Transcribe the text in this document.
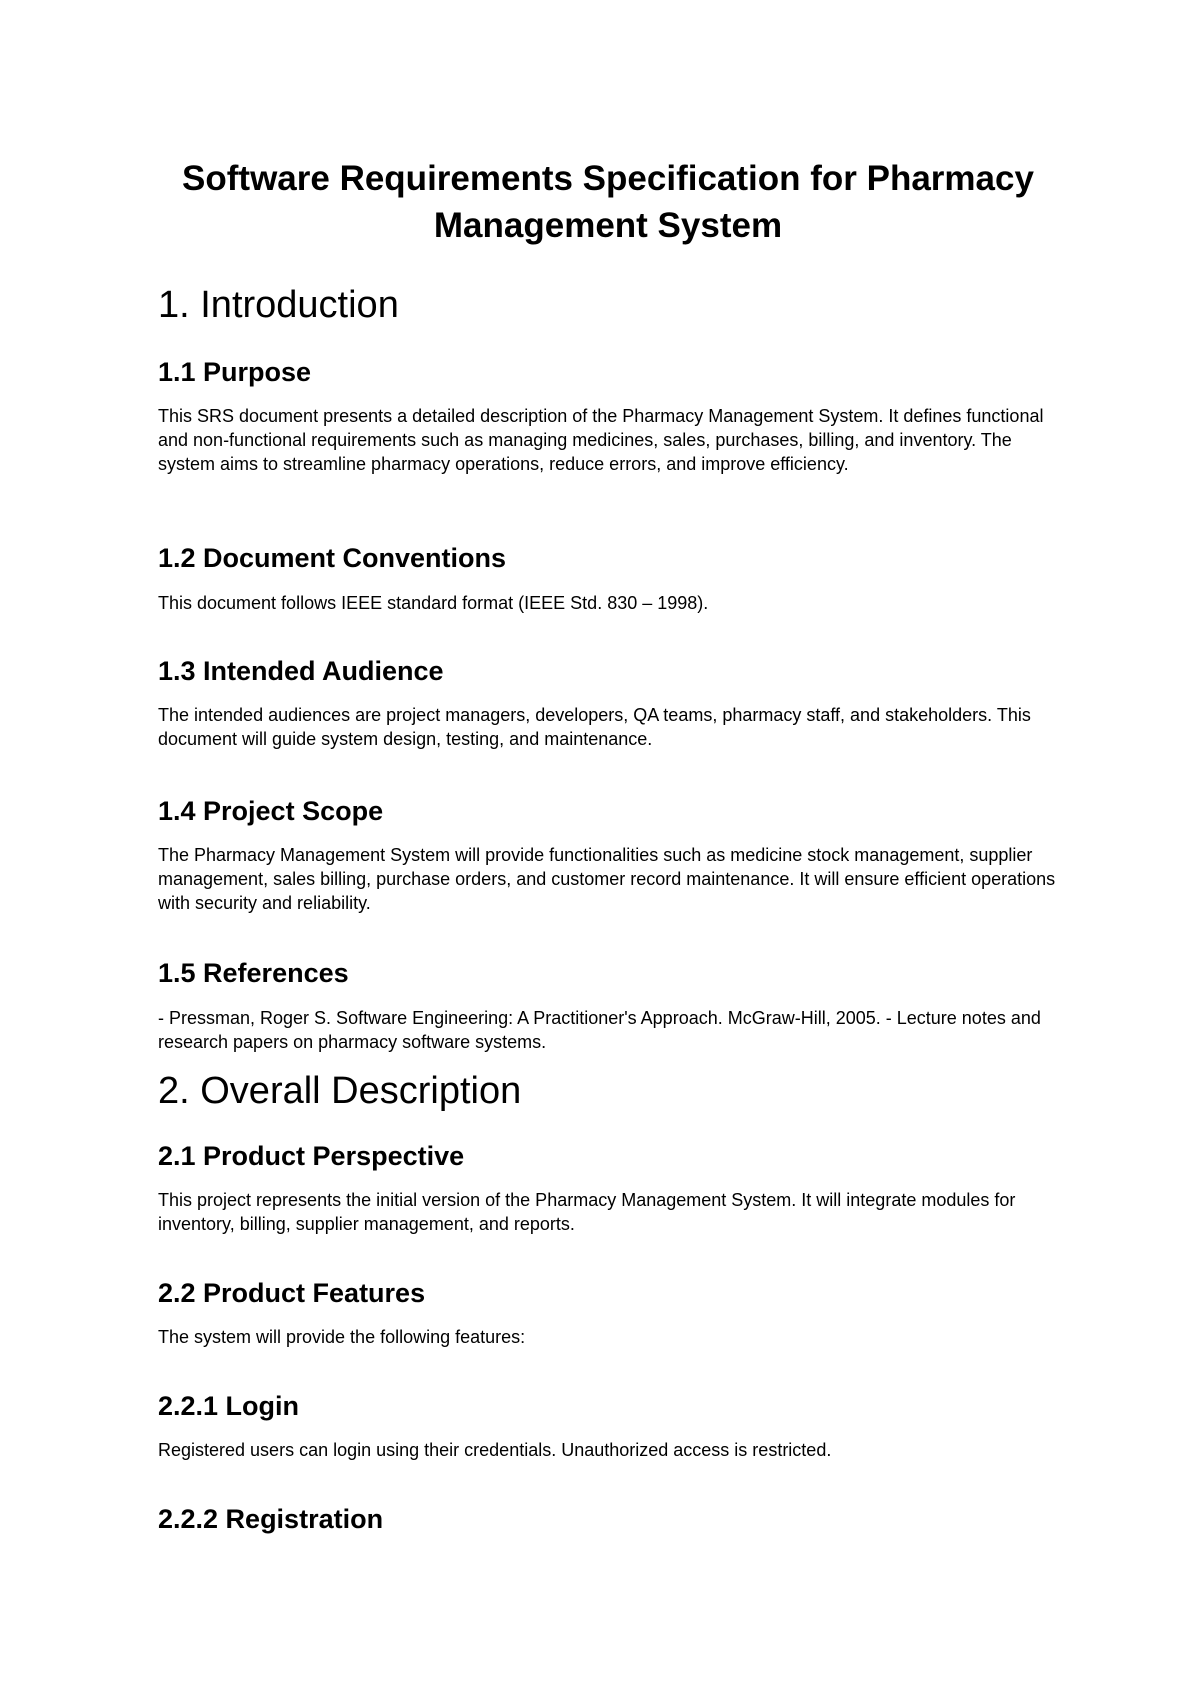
Software Requirements Specification for Pharmacy Management System
1. Introduction
1.1 Purpose

This SRS document presents a detailed description of the Pharmacy Management System. It defines functional and non-functional requirements such as managing medicines, sales, purchases, billing, and inventory. The system aims to streamline pharmacy operations, reduce errors, and improve efficiency.

1.2 Document Conventions

This document follows IEEE standard format (IEEE Std. 830 – 1998).

1.3 Intended Audience

The intended audiences are project managers, developers, QA teams, pharmacy staff, and stakeholders. This document will guide system design, testing, and maintenance.

1.4 Project Scope

The Pharmacy Management System will provide functionalities such as medicine stock management, supplier management, sales billing, purchase orders, and customer record maintenance. It will ensure efficient operations with security and reliability.

1.5 References

- Pressman, Roger S. Software Engineering: A Practitioner's Approach. McGraw-Hill, 2005. - Lecture notes and research papers on pharmacy software systems.

2. Overall Description
2.1 Product Perspective

This project represents the initial version of the Pharmacy Management System. It will integrate modules for inventory, billing, supplier management, and reports.

2.2 Product Features

The system will provide the following features:

2.2.1 Login

Registered users can login using their credentials. Unauthorized access is restricted.

2.2.2 Registration
